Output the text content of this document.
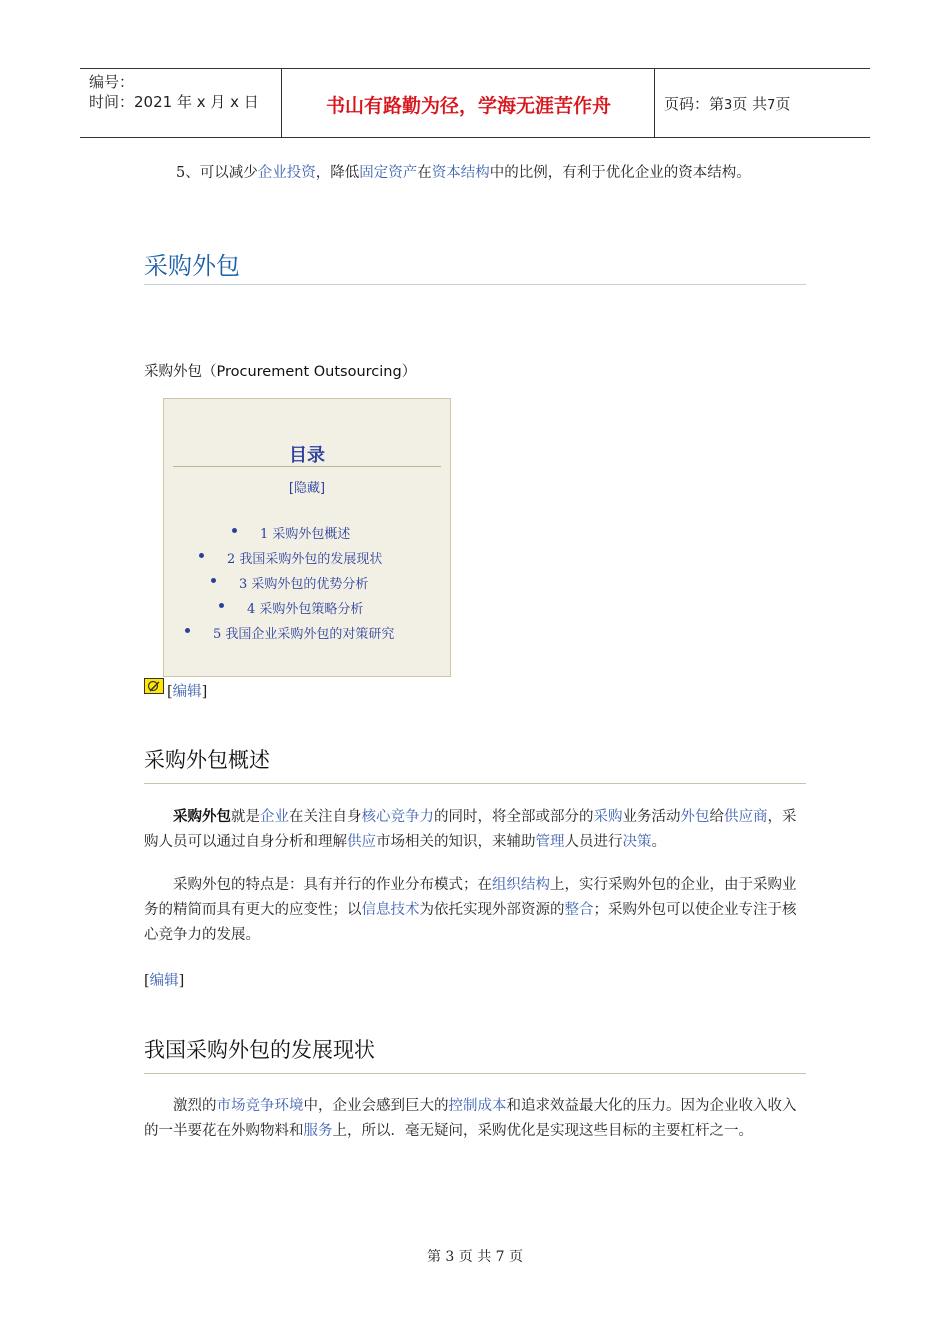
编号：
时间：2021 年 x 月 x 日	书山有路勤为径，学海无涯苦作舟	页码：第3页 共7页
5、可以减少企业投资，降低固定资产在资本结构中的比例，有利于优化企业的资本结构。
采购外包
采购外包（Procurement Outsourcing）
目录
[隐藏]
1 采购外包概述
2 我国采购外包的发展现状
3 采购外包的优势分析
4 采购外包策略分析
5 我国企业采购外包的对策研究
[编辑]
采购外包概述
采购外包就是企业在关注自身核心竞争力的同时，将全部或部分的采购业务活动外包给供应商，采购人员可以通过自身分析和理解供应市场相关的知识，来辅助管理人员进行决策。
采购外包的特点是：具有并行的作业分布模式；在组织结构上，实行采购外包的企业，由于采购业务的精简而具有更大的应变性；以信息技术为依托实现外部资源的整合；采购外包可以使企业专注于核心竞争力的发展。
[编辑]
我国采购外包的发展现状
激烈的市场竞争环境中，企业会感到巨大的控制成本和追求效益最大化的压力。因为企业收入收入的一半要花在外购物料和服务上，所以．毫无疑问，采购优化是实现这些目标的主要杠杆之一。
第 3 页 共 7 页
